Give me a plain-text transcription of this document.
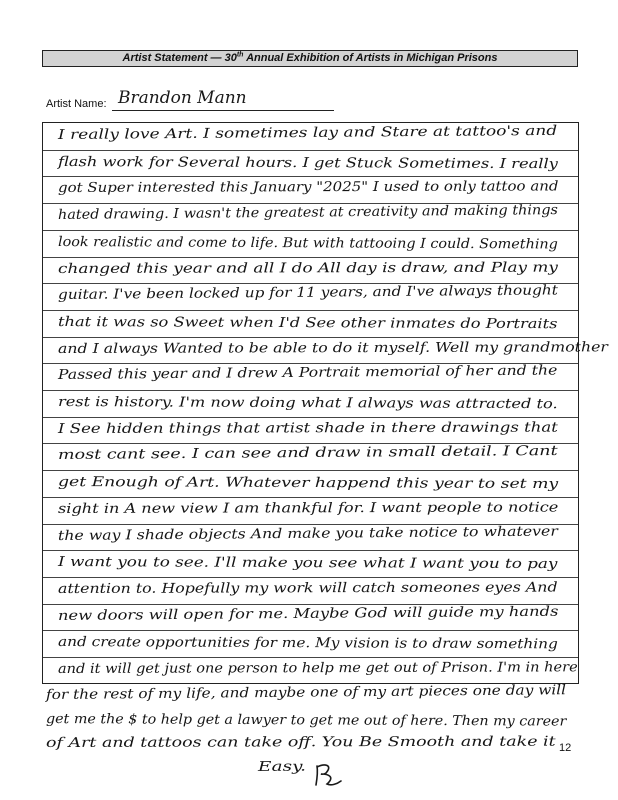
Artist Statement — 30th Annual Exhibition of Artists in Michigan Prisons
Artist Name: Brandon Mann
12
I really love Art. I sometimes lay and Stare at tattoo's and
flash work for Several hours. I get Stuck Sometimes. I really
got Super interested this January "2025" I used to only tattoo and
hated drawing. I wasn't the greatest at creativity and making things
look realistic and come to life. But with tattooing I could. Something
changed this year and all I do All day is draw, and Play my
guitar. I've been locked up for 11 years, and I've always thought
that it was so Sweet when I'd See other inmates do Portraits
and I always Wanted to be able to do it myself. Well my grandmother
Passed this year and I drew A Portrait memorial of her and the
rest is history. I'm now doing what I always was attracted to.
I See hidden things that artist shade in there drawings that
most cant see. I can see and draw in small detail. I Cant
get Enough of Art. Whatever happend this year to set my
sight in A new view I am thankful for. I want people to notice
the way I shade objects And make you take notice to whatever
I want you to see. I'll make you see what I want you to pay
attention to. Hopefully my work will catch someones eyes And
new doors will open for me. Maybe God will guide my hands
and create opportunities for me. My vision is to draw something
and it will get just one person to help me get out of Prison. I'm in here
for the rest of my life, and maybe one of my art pieces one day will
get me the $ to help get a lawyer to get me out of here. Then my career
of Art and tattoos can take off. You Be Smooth and take it
Easy.
